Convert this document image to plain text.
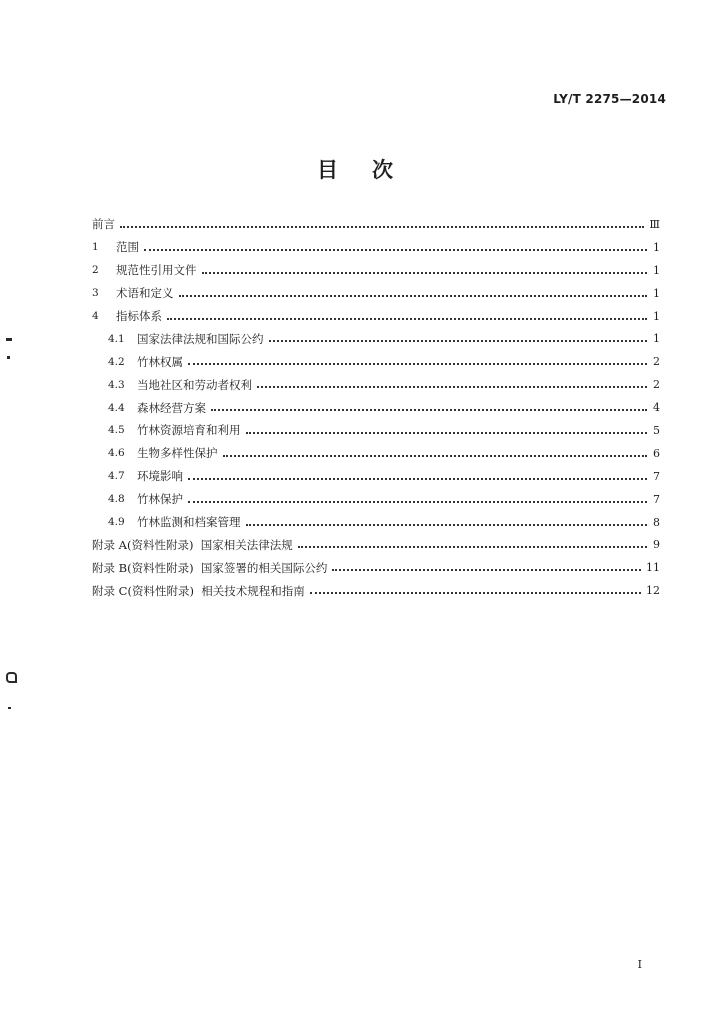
LY/T 2275—2014
目次
前言	Ⅲ
1	范围	1
2	规范性引用文件	1
3	术语和定义	1
4	指标体系	1
4.1	国家法律法规和国际公约	1
4.2	竹林权属	2
4.3	当地社区和劳动者权利	2
4.4	森林经营方案	4
4.5	竹林资源培育和利用	5
4.6	生物多样性保护	6
4.7	环境影响	7
4.8	竹林保护	7
4.9	竹林监测和档案管理	8
附录 A(资料性附录)  国家相关法律法规	9
附录 B(资料性附录)  国家签署的相关国际公约	11
附录 C(资料性附录)  相关技术规程和指南	12
I
